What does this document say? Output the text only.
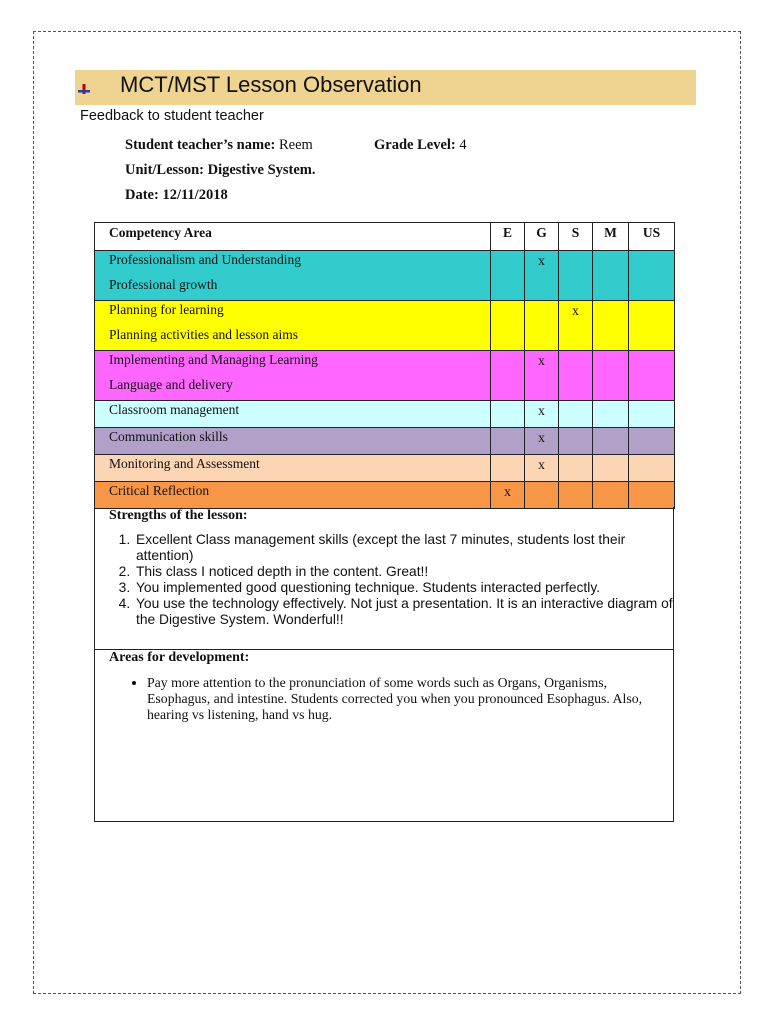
MCT/MST Lesson Observation
Feedback to student teacher
Student teacher’s name: Reem	Grade Level: 4
Unit/Lesson: Digestive System.
Date: 12/11/2018
Competency Area	E	G	S	M	US

Professionalism and Understanding
Professional growth		x			

Planning for learning
Planning activities and lesson aims			x		

Implementing and Managing Learning
Language and delivery		x			
Classroom management		x			
Communication skills		x			
Monitoring and Assessment		x			
Critical Reflection	x				
Strengths of the lesson:
1. Excellent Class management skills (except the last 7 minutes, students lost their attention)
2. This class I noticed depth in the content. Great!!
3. You implemented good questioning technique. Students interacted perfectly.
4. You use the technology effectively. Not just a presentation. It is an interactive diagram of the Digestive System. Wonderful!!
Areas for development:
• Pay more attention to the pronunciation of some words such as Organs, Organisms, Esophagus, and intestine. Students corrected you when you pronounced Esophagus. Also, hearing vs listening, hand vs hug.
